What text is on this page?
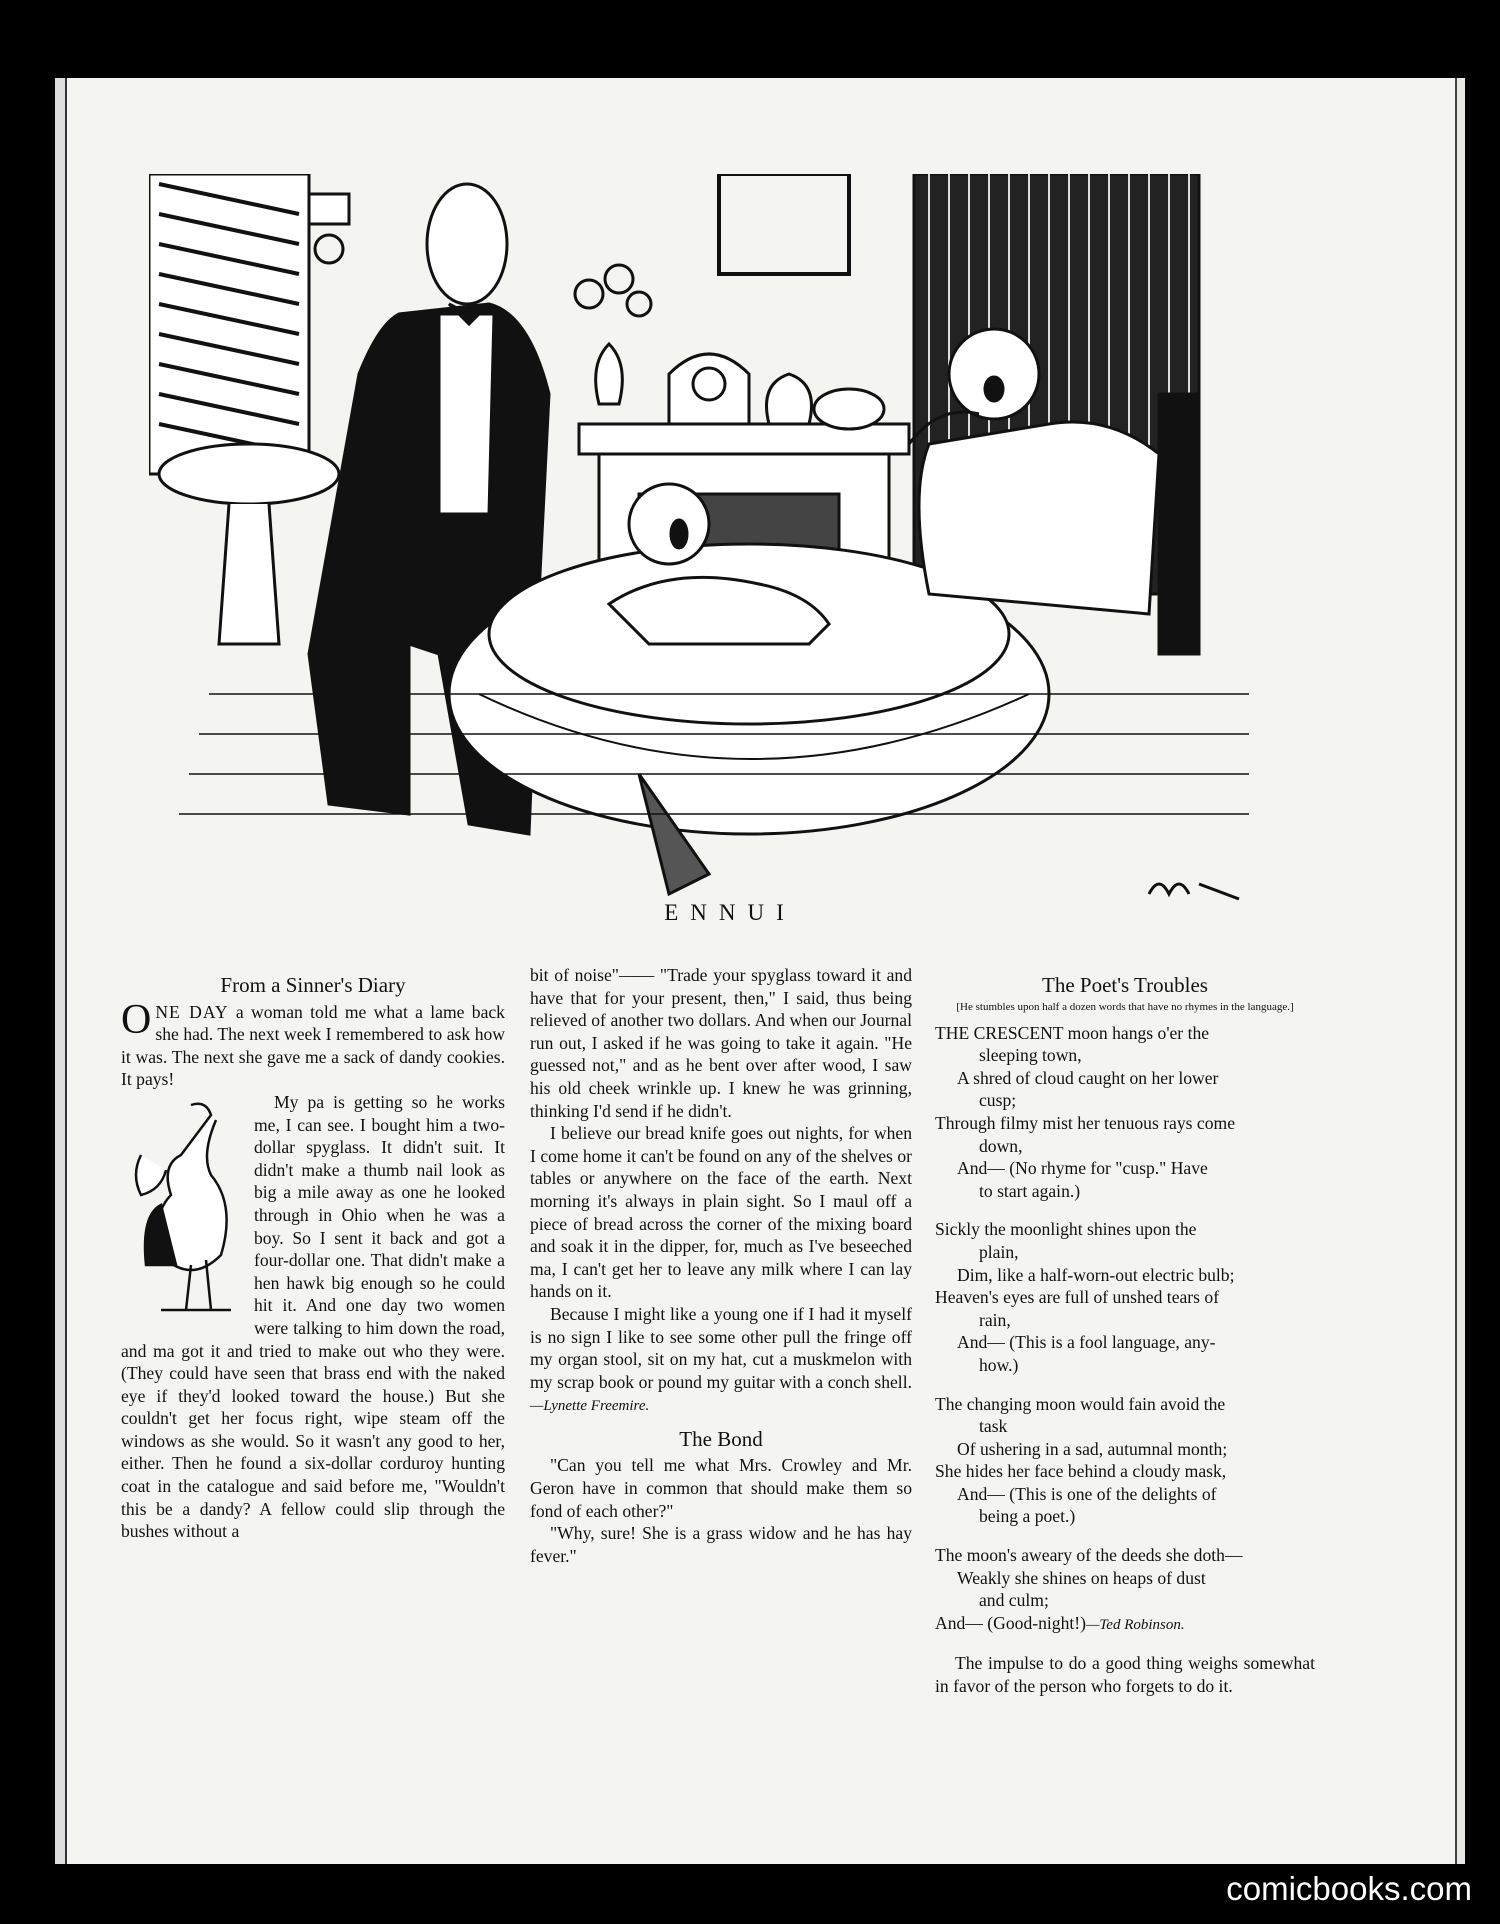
ENNUI
From a Sinner's Diary

ONE DAY a woman told me what a lame back she had. The next week I remembered to ask how it was. The next she gave me a sack of dandy cookies. It pays!

My pa is getting so he works me, I can see. I bought him a two-dollar spyglass. It didn't suit. It didn't make a thumb nail look as big a mile away as one he looked through in Ohio when he was a boy. So I sent it back and got a four-dollar one. That didn't make a hen hawk big enough so he could hit it. And one day two women were talking to him down the road, and ma got it and tried to make out who they were. (They could have seen that brass end with the naked eye if they'd looked toward the house.) But she couldn't get her focus right, wipe steam off the windows as she would. So it wasn't any good to her, either. Then he found a six-dollar corduroy hunting coat in the catalogue and said before me, "Wouldn't this be a dandy? A fellow could slip through the bushes without a

bit of noise"—— "Trade your spyglass toward it and have that for your present, then," I said, thus being relieved of another two dollars. And when our Journal run out, I asked if he was going to take it again. "He guessed not," and as he bent over after wood, I saw his old cheek wrinkle up. I knew he was grinning, thinking I'd send if he didn't.

I believe our bread knife goes out nights, for when I come home it can't be found on any of the shelves or tables or anywhere on the face of the earth. Next morning it's always in plain sight. So I maul off a piece of bread across the corner of the mixing board and soak it in the dipper, for, much as I've beseeched ma, I can't get her to leave any milk where I can lay hands on it.

Because I might like a young one if I had it myself is no sign I like to see some other pull the fringe off my organ stool, sit on my hat, cut a muskmelon with my scrap book or pound my guitar with a conch shell.—Lynette Freemire.

The Bond

"Can you tell me what Mrs. Crowley and Mr. Geron have in common that should make them so fond of each other?"

"Why, sure! She is a grass widow and he has hay fever."

The Poet's Troubles
[He stumbles upon half a dozen words that have no rhymes in the language.]
THE CRESCENT moon hangs o'er the
sleeping town,
A shred of cloud caught on her lower
cusp;
Through filmy mist her tenuous rays come
down,
And— (No rhyme for "cusp." Have
to start again.)
Sickly the moonlight shines upon the
plain,
Dim, like a half-worn-out electric bulb;
Heaven's eyes are full of unshed tears of
rain,
And— (This is a fool language, any-
how.)
The changing moon would fain avoid the
task
Of ushering in a sad, autumnal month;
She hides her face behind a cloudy mask,
And— (This is one of the delights of
being a poet.)
The moon's aweary of the deeds she doth—
Weakly she shines on heaps of dust
and culm;
And— (Good-night!)—Ted Robinson.

The impulse to do a good thing weighs somewhat in favor of the person who forgets to do it.

comicbooks.com
